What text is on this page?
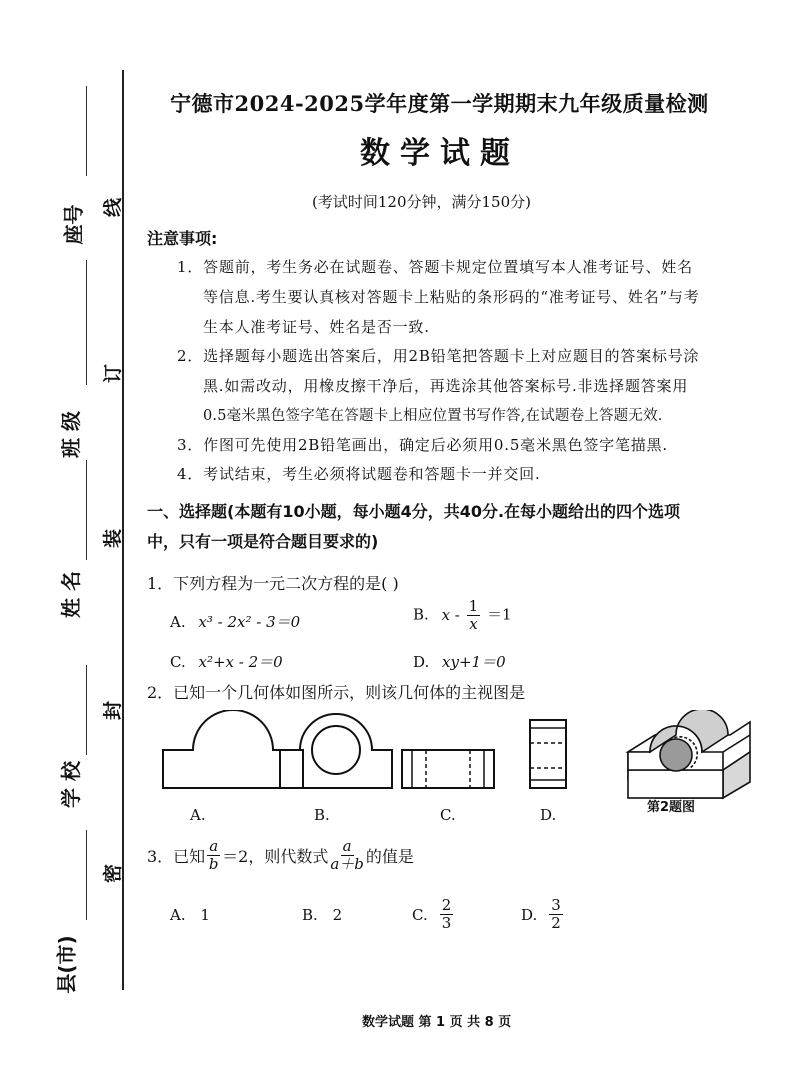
座号
班 级
姓 名
学 校
县(市)
线
订
装
封
密
宁德市2024-2025学年度第一学期期末九年级质量检测
数学试题
(考试时间120分钟，满分150分)
注意事项:
1．答题前，考生务必在试题卷、答题卡规定位置填写本人准考证号、姓名
等信息.考生要认真核对答题卡上粘贴的条形码的“准考证号、姓名”与考
生本人准考证号、姓名是否一致.
2．选择题每小题选出答案后，用2B铅笔把答题卡上对应题目的答案标号涂
黑.如需改动，用橡皮擦干净后，再选涂其他答案标号.非选择题答案用
0.5毫米黑色签字笔在答题卡上相应位置书写作答,在试题卷上答题无效.
3．作图可先使用2B铅笔画出，确定后必须用0.5毫米黑色签字笔描黑.
4．考试结束，考生必须将试题卷和答题卡一并交回.
一、选择题(本题有10小题，每小题4分，共40分.在每小题给出的四个选项
中，只有一项是符合题目要求的)
1．下列方程为一元二次方程的是( )
A. x³ - 2x² - 3＝0	B. $x - \frac{1}{x} =1$
C. x²+x - 2＝0	D. xy+1＝0
2．已知一个几何体如图所示，则该几何体的主视图是
A.	B.	C.	D.	第2题图
3．已知 $\frac{a}{b} =2$，则代数式 $\frac{a}{a+b}$ 的值是
A. 1	B. 2	C. $\frac{2}{3}$	D. $\frac{3}{2}$
数学试题 第 1 页 共 8 页
